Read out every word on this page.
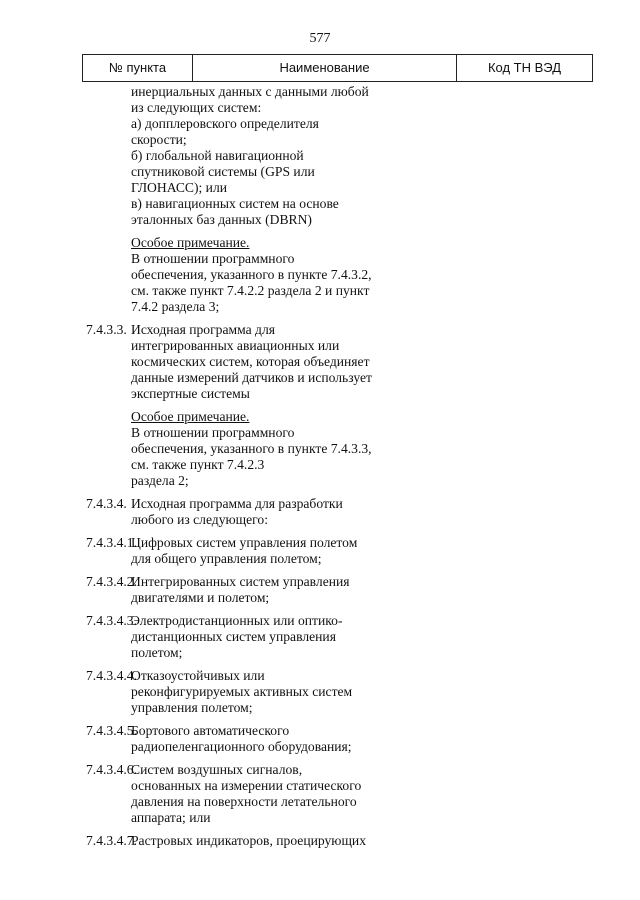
577
№ пункта	Наименование	Код ТН ВЭД
инерциальных данных с данными любой
из следующих систем:
а) допплеровского определителя
скорости;
б) глобальной навигационной
спутниковой системы (GPS или
ГЛОНАСС); или
в) навигационных систем на основе
эталонных баз данных (DBRN)
Особое примечание.
В отношении программного
обеспечения, указанного в пункте 7.4.3.2,
см. также пункт 7.4.2.2 раздела 2 и пункт
7.4.2 раздела 3;
7.4.3.3. Исходная программа для
интегрированных авиационных или
космических систем, которая объединяет
данные измерений датчиков и использует
экспертные системы
Особое примечание.
В отношении программного
обеспечения, указанного в пункте 7.4.3.3,
см. также пункт 7.4.2.3
раздела 2;
7.4.3.4. Исходная программа для разработки
любого из следующего:
7.4.3.4.1.
Цифровых систем управления полетом
для общего управления полетом;
7.4.3.4.2.
Интегрированных систем управления
двигателями и полетом;
7.4.3.4.3.
Электродистанционных или оптико-
дистанционных систем управления
полетом;
7.4.3.4.4.
Отказоустойчивых или
реконфигурируемых активных систем
управления полетом;
7.4.3.4.5.
Бортового автоматического
радиопеленгационного оборудования;
7.4.3.4.6.
Систем воздушных сигналов,
основанных на измерении статического
давления на поверхности летательного
аппарата; или
7.4.3.4.7.
Растровых индикаторов, проецирующих
